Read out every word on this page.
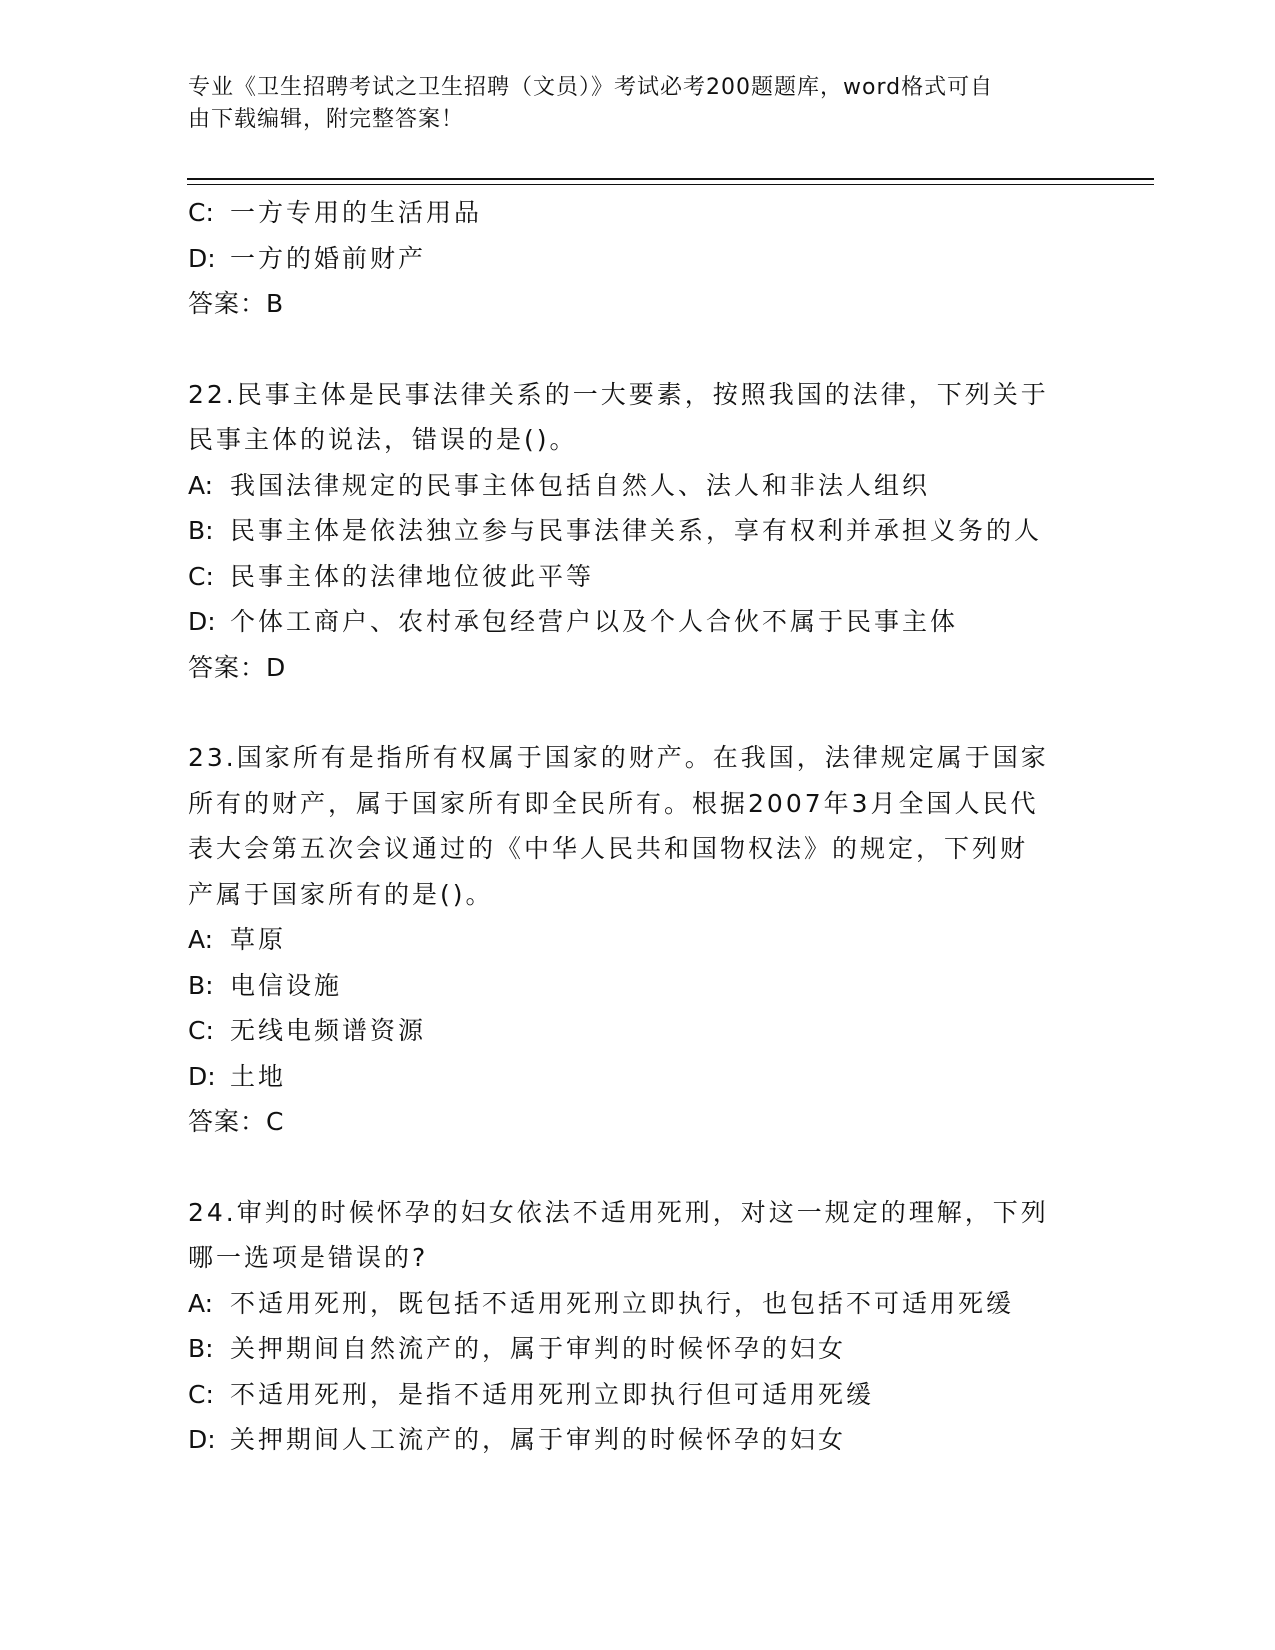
专业《卫生招聘考试之卫生招聘（文员）》考试必考200题题库，word格式可自
由下载编辑，附完整答案！
C: 一方专用的生活用品
D: 一方的婚前财产
答案：B
22.民事主体是民事法律关系的一大要素，按照我国的法律，下列关于
民事主体的说法，错误的是()。
A: 我国法律规定的民事主体包括自然人、法人和非法人组织
B: 民事主体是依法独立参与民事法律关系，享有权利并承担义务的人
C: 民事主体的法律地位彼此平等
D: 个体工商户、农村承包经营户以及个人合伙不属于民事主体
答案：D
23.国家所有是指所有权属于国家的财产。在我国，法律规定属于国家
所有的财产，属于国家所有即全民所有。根据2007年3月全国人民代
表大会第五次会议通过的《中华人民共和国物权法》的规定，下列财
产属于国家所有的是()。
A: 草原
B: 电信设施
C: 无线电频谱资源
D: 土地
答案：C
24.审判的时候怀孕的妇女依法不适用死刑，对这一规定的理解，下列
哪一选项是错误的?
A: 不适用死刑，既包括不适用死刑立即执行，也包括不可适用死缓
B: 关押期间自然流产的，属于审判的时候怀孕的妇女
C: 不适用死刑，是指不适用死刑立即执行但可适用死缓
D: 关押期间人工流产的，属于审判的时候怀孕的妇女
